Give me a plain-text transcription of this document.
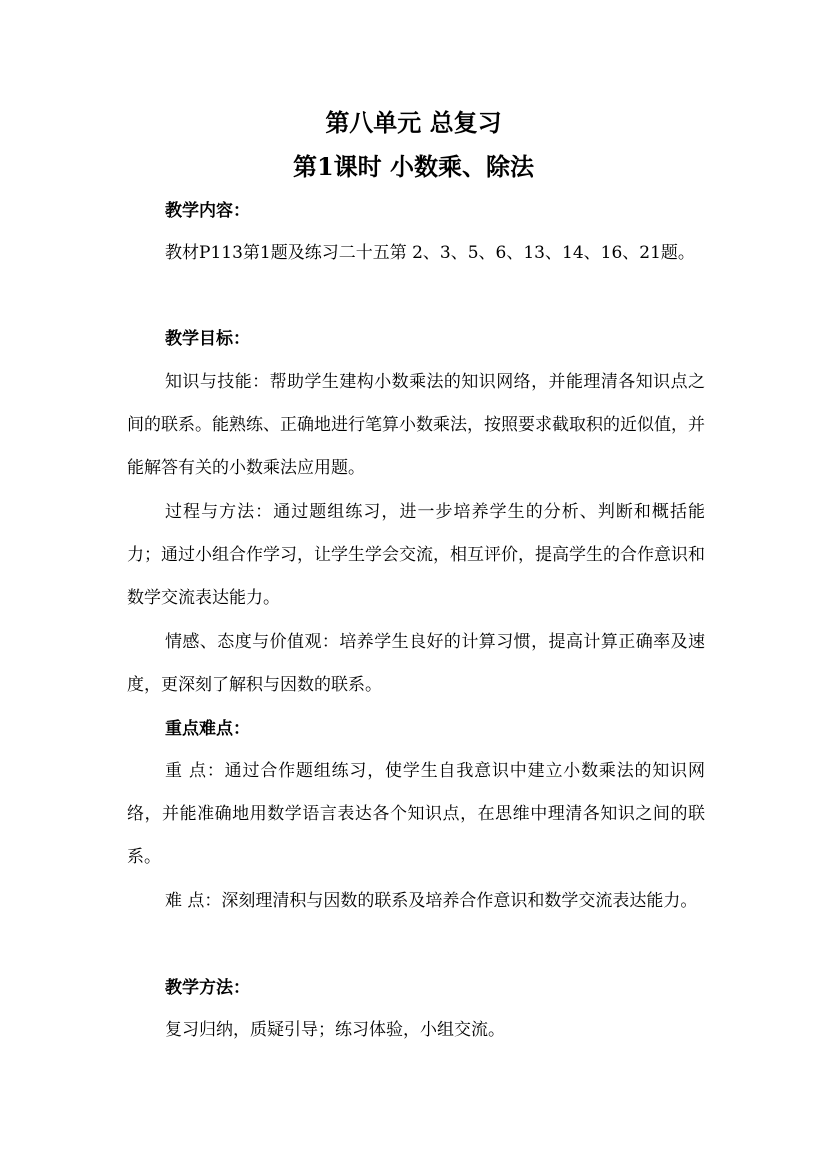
第八单元 总复习
第1课时 小数乘、除法
教学内容：

教材P113第1题及练习二十五第 2、3、5、6、13、14、16、21题。

教学目标：

知识与技能：帮助学生建构小数乘法的知识网络，并能理清各知识点之间的联系。能熟练、正确地进行笔算小数乘法，按照要求截取积的近似值，并能解答有关的小数乘法应用题。

过程与方法：通过题组练习，进一步培养学生的分析、判断和概括能力；通过小组合作学习，让学生学会交流，相互评价，提高学生的合作意识和数学交流表达能力。

情感、态度与价值观：培养学生良好的计算习惯，提高计算正确率及速度，更深刻了解积与因数的联系。

重点难点：

重 点：通过合作题组练习，使学生自我意识中建立小数乘法的知识网络，并能准确地用数学语言表达各个知识点，在思维中理清各知识之间的联系。

难 点：深刻理清积与因数的联系及培养合作意识和数学交流表达能力。

教学方法：

复习归纳，质疑引导；练习体验，小组交流。
